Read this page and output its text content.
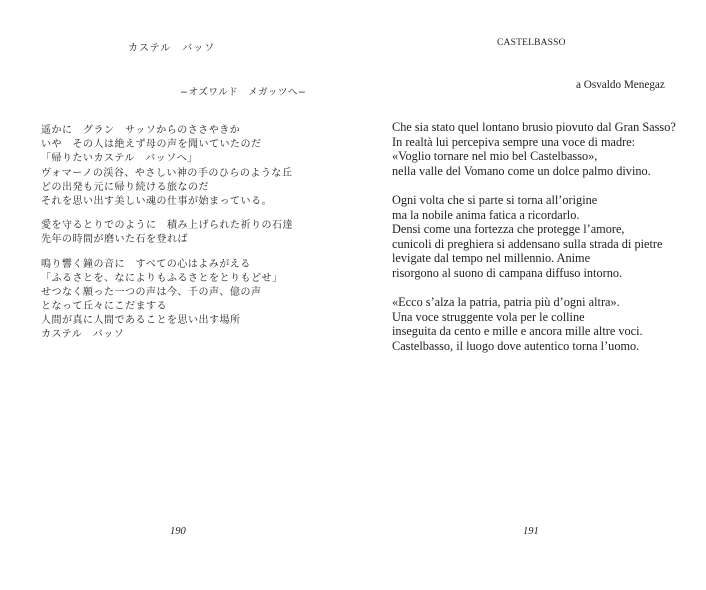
カステル　バッソ
−オズワルド　メガッツへ−
遥かに　グラン　サッソからのささやきか
いや　その人は絶えず母の声を聞いていたのだ
「帰りたいカステル　バッソへ」
ヴォマーノの渓谷、やさしい神の手のひらのような丘
どの出発も元に帰り続ける旅なのだ
それを思い出す美しい魂の仕事が始まっている。
愛を守るとりでのように　積み上げられた祈りの石達
先年の時間が磨いた石を登れば
鳴り響く鐘の音に　すべての心はよみがえる
「ふるさとを、なによりもふるさとをとりもどせ」
せつなく願った一つの声は今、千の声、億の声
となって丘々にこだまする
人間が真に人間であることを思い出す場所
カステル　バッソ
190
CASTELBASSO
a Osvaldo Menegaz
Che sia stato quel lontano brusio piovuto dal Gran Sasso?
In realtà lui percepiva sempre una voce di madre:
«Voglio tornare nel mio bel Castelbasso»,
nella valle del Vomano come un dolce palmo divino.
Ogni volta che si parte si torna all’origine
ma la nobile anima fatica a ricordarlo.
Densi come una fortezza che protegge l’amore,
cunicoli di preghiera si addensano sulla strada di pietre
levigate dal tempo nel millennio. Anime
risorgono al suono di campana diffuso intorno.
«Ecco s’alza la patria, patria più d’ogni altra».
Una voce struggente vola per le colline
inseguita da cento e mille e ancora mille altre voci.
Castelbasso, il luogo dove autentico torna l’uomo.
191
